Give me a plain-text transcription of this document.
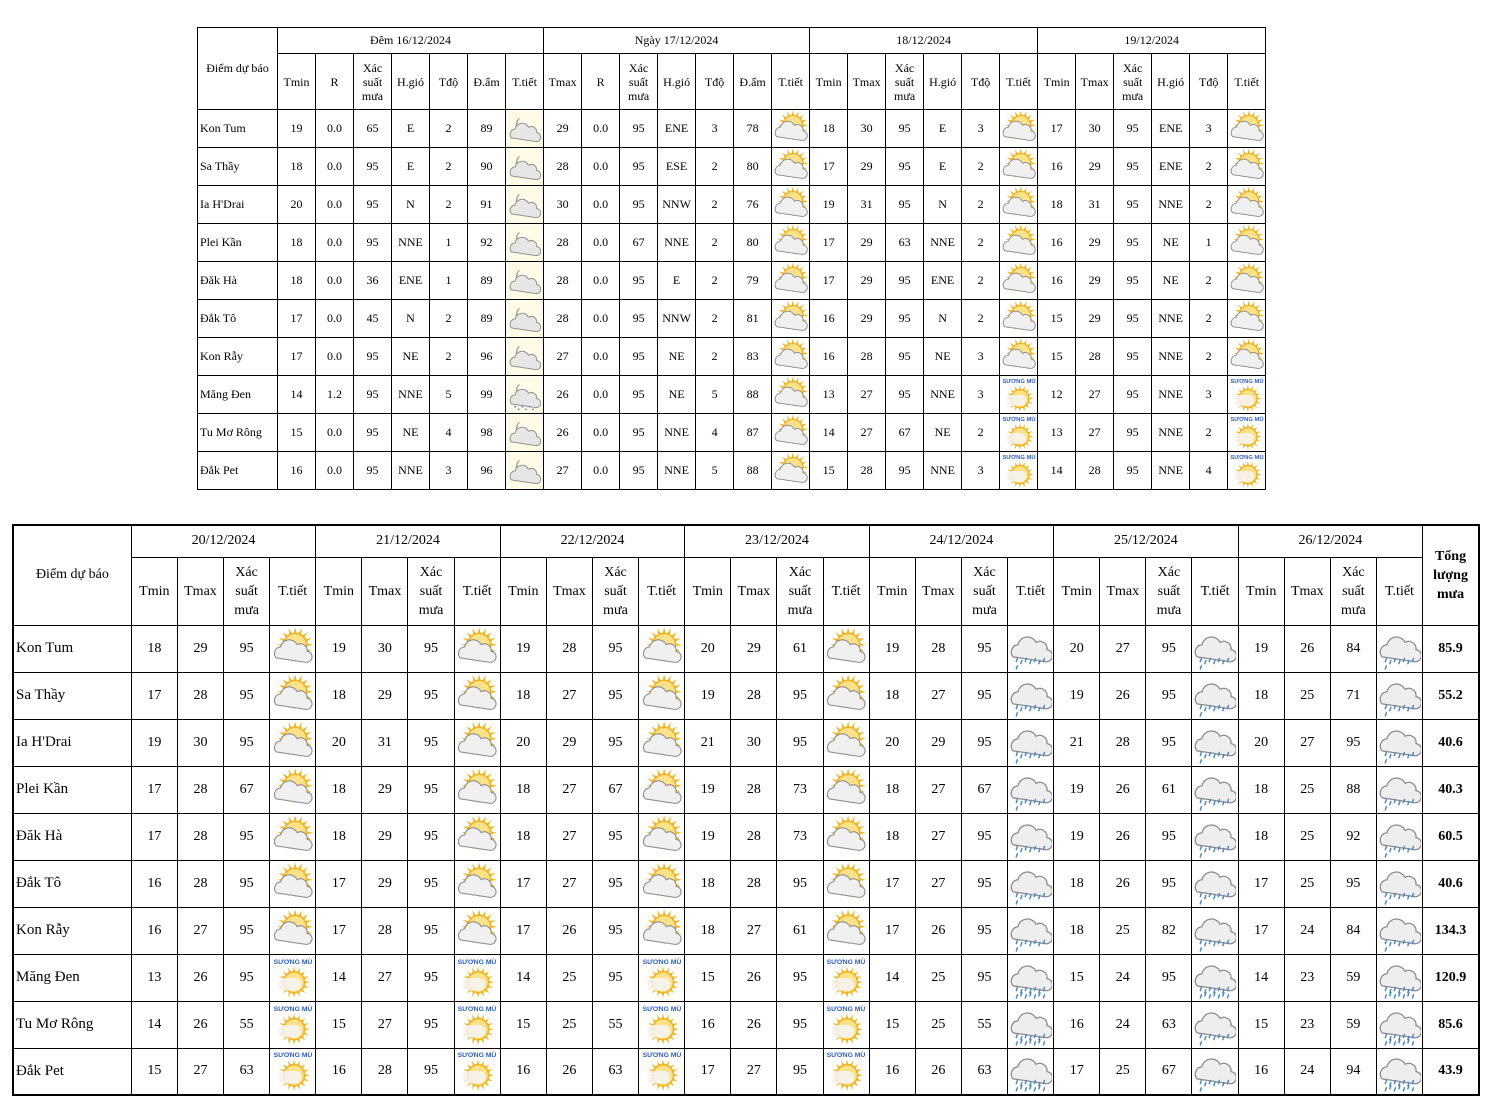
Điểm dự báo	Đêm 16/12/2024							Ngày 17/12/2024							18/12/2024						19/12/2024					
	Tmin	R	Xác
suất
mưa	H.gió	Tđộ	Đ.ẩm	T.tiết	Tmax	R	Xác
suất
mưa	H.gió	Tđộ	Đ.ẩm	T.tiết	Tmin	Tmax	Xác
suất
mưa	H.gió	Tđộ	T.tiết	Tmin	Tmax	Xác
suất
mưa	H.gió	Tđộ	T.tiết
Kon Tum	19	0.0	65	E	2	89		29	0.0	95	ENE	3	78		18	30	95	E	3		17	30	95	ENE	3	

Sa Thầy	18	0.0	95	E	2	90		28	0.0	95	ESE	2	80		17	29	95	E	2		16	29	95	ENE	2	

Ia H'Drai	20	0.0	95	N	2	91		30	0.0	95	NNW	2	76		19	31	95	N	2		18	31	95	NNE	2	

Plei Kần	18	0.0	95	NNE	1	92		28	0.0	67	NNE	2	80		17	29	63	NNE	2		16	29	95	NE	1	

Đăk Hà	18	0.0	36	ENE	1	89		28	0.0	95	E	2	79		17	29	95	ENE	2		16	29	95	NE	2	

Đắk Tô	17	0.0	45	N	2	89		28	0.0	95	NNW	2	81		16	29	95	N	2		15	29	95	NNE	2	

Kon Rẫy	17	0.0	95	NE	2	96		27	0.0	95	NE	2	83		16	28	95	NE	3		15	28	95	NNE	2	

Măng Đen	14	1.2	95	NNE	5	99		26	0.0	95	NE	5	88		13	27	95	NNE	3	SƯƠNG MÙ	12	27	95	NNE	3	SƯƠNG MÙ

Tu Mơ Rông	15	0.0	95	NE	4	98		26	0.0	95	NNE	4	87		14	27	67	NE	2	SƯƠNG MÙ	13	27	95	NNE	2	SƯƠNG MÙ

Đắk Pet	16	0.0	95	NNE	3	96		27	0.0	95	NNE	5	88		15	28	95	NNE	3	SƯƠNG MÙ	14	28	95	NNE	4	SƯƠNG MÙ
Điểm dự báo	20/12/2024				21/12/2024				22/12/2024				23/12/2024				24/12/2024				25/12/2024				26/12/2024				Tổng
lượng
mưa
	Tmin	Tmax	Xác
suất
mưa	T.tiết	Tmin	Tmax	Xác
suất
mưa	T.tiết	Tmin	Tmax	Xác
suất
mưa	T.tiết	Tmin	Tmax	Xác
suất
mưa	T.tiết	Tmin	Tmax	Xác
suất
mưa	T.tiết	Tmin	Tmax	Xác
suất
mưa	T.tiết	Tmin	Tmax	Xác
suất
mưa	T.tiết	
Kon Tum	18	29	95		19	30	95		19	28	95		20	29	61		19	28	95		20	27	95		19	26	84		85.9
Sa Thầy	17	28	95		18	29	95		18	27	95		19	28	95		18	27	95		19	26	95		18	25	71		55.2
Ia H'Drai	19	30	95		20	31	95		20	29	95		21	30	95		20	29	95		21	28	95		20	27	95		40.6
Plei Kần	17	28	67		18	29	95		18	27	67		19	28	73		18	27	67		19	26	61		18	25	88		40.3
Đăk Hà	17	28	95		18	29	95		18	27	95		19	28	73		18	27	95		19	26	95		18	25	92		60.5
Đắk Tô	16	28	95		17	29	95		17	27	95		18	28	95		17	27	95		18	26	95		17	25	95		40.6
Kon Rẫy	16	27	95		17	28	95		17	26	95		18	27	61		17	26	95		18	25	82		17	24	84		134.3
Măng Đen	13	26	95	SƯƠNG MÙ	14	27	95	SƯƠNG MÙ	14	25	95	SƯƠNG MÙ	15	26	95	SƯƠNG MÙ	14	25	95		15	24	95		14	23	59		120.9
Tu Mơ Rông	14	26	55	SƯƠNG MÙ	15	27	95	SƯƠNG MÙ	15	25	55	SƯƠNG MÙ	16	26	95	SƯƠNG MÙ	15	25	55		16	24	63		15	23	59		85.6
Đắk Pet	15	27	63	SƯƠNG MÙ	16	28	95	SƯƠNG MÙ	16	26	63	SƯƠNG MÙ	17	27	95	SƯƠNG MÙ	16	26	63		17	25	67		16	24	94		43.9
